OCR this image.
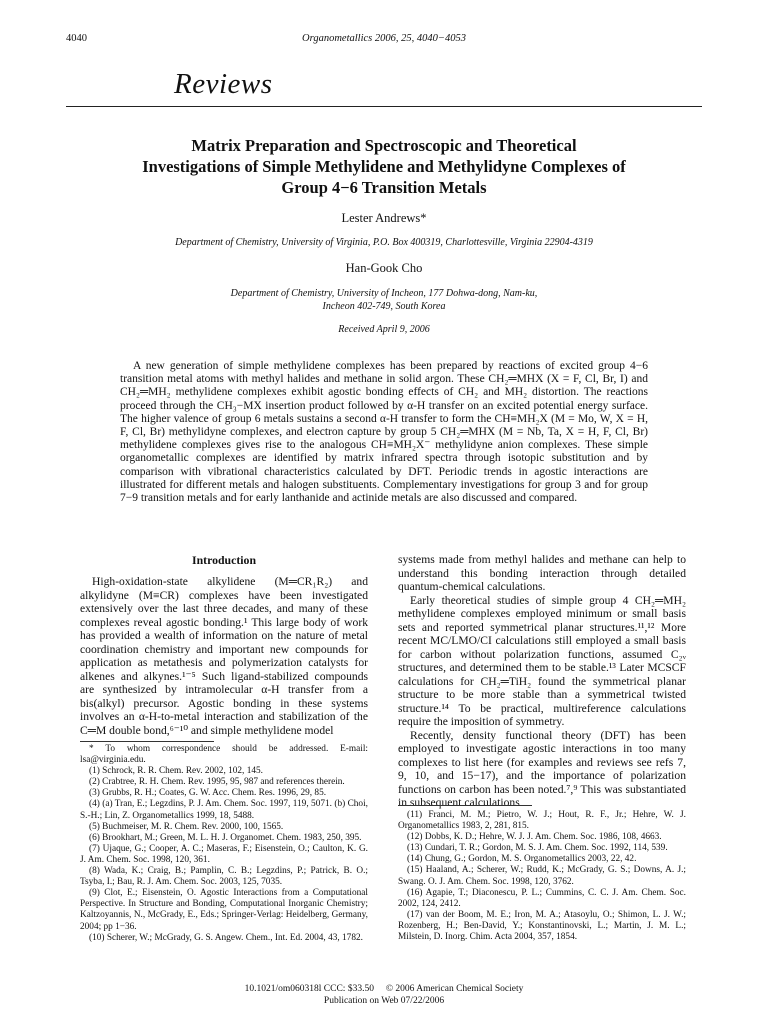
4040	Organometallics 2006, 25, 4040−4053
Reviews
Matrix Preparation and Spectroscopic and Theoretical
Investigations of Simple Methylidene and Methylidyne Complexes of
Group 4−6 Transition Metals
Lester Andrews*
Department of Chemistry, University of Virginia, P.O. Box 400319, Charlottesville, Virginia 22904-4319
Han-Gook Cho
Department of Chemistry, University of Incheon, 177 Dohwa-dong, Nam-ku,
Incheon 402-749, South Korea
Received April 9, 2006

A new generation of simple methylidene complexes has been prepared by reactions of excited group 4−6 transition metal atoms with methyl halides and methane in solid argon. These CH₂═MHX (X = F, Cl, Br, I) and CH₂═MH₂ methylidene complexes exhibit agostic bonding effects of CH₂ and MH₂ distortion. The reactions proceed through the CH₃−MX insertion product followed by α-H transfer on an excited potential energy surface. The higher valence of group 6 metals sustains a second α-H transfer to form the CH≡MH₂X (M = Mo, W, X = H, F, Cl, Br) methylidyne complexes, and electron capture by group 5 CH₂═MHX (M = Nb, Ta, X = H, F, Cl, Br) methylidene complexes gives rise to the analogous CH≡MH₂X⁻ methylidyne anion complexes. These simple organometallic complexes are identified by matrix infrared spectra through isotopic substitution and by comparison with vibrational characteristics calculated by DFT. Periodic trends in agostic interactions are illustrated for different metals and halogen substituents. Complementary investigations for group 3 and for group 7−9 transition metals and for early lanthanide and actinide metals are also discussed and compared.

Introduction

High-oxidation-state alkylidene (M═CR₁R₂) and alkylidyne (M≡CR) complexes have been investigated extensively over the last three decades, and many of these complexes reveal agostic bonding.¹ This large body of work has provided a wealth of information on the nature of metal coordination chemistry and important new compounds for application as metathesis and polymerization catalysts for alkenes and alkynes.¹⁻⁵ Such ligand-stabilized compounds are synthesized by intramolecular α-H transfer from a bis(alkyl) precursor. Agostic bonding in these systems involves an α-H-to-metal interaction and stabilization of the C═M double bond,⁶⁻¹⁰ and simple methylidene model

* To whom correspondence should be addressed. E-mail: lsa@virginia.edu.
(1) Schrock, R. R. Chem. Rev. 2002, 102, 145.
(2) Crabtree, R. H. Chem. Rev. 1995, 95, 987 and references therein.
(3) Grubbs, R. H.; Coates, G. W. Acc. Chem. Res. 1996, 29, 85.
(4) (a) Tran, E.; Legzdins, P. J. Am. Chem. Soc. 1997, 119, 5071. (b) Choi, S.-H.; Lin, Z. Organometallics 1999, 18, 5488.
(5) Buchmeiser, M. R. Chem. Rev. 2000, 100, 1565.
(6) Brookhart, M.; Green, M. L. H. J. Organomet. Chem. 1983, 250, 395.
(7) Ujaque, G.; Cooper, A. C.; Maseras, F.; Eisenstein, O.; Caulton, K. G. J. Am. Chem. Soc. 1998, 120, 361.
(8) Wada, K.; Craig, B.; Pamplin, C. B.; Legzdins, P.; Patrick, B. O.; Tsyba, I.; Bau, R. J. Am. Chem. Soc. 2003, 125, 7035.
(9) Clot, E.; Eisenstein, O. Agostic Interactions from a Computational Perspective. In Structure and Bonding, Computational Inorganic Chemistry; Kaltzoyannis, N., McGrady, E., Eds.; Springer-Verlag: Heidelberg, Germany, 2004; pp 1−36.
(10) Scherer, W.; McGrady, G. S. Angew. Chem., Int. Ed. 2004, 43, 1782.

systems made from methyl halides and methane can help to understand this bonding interaction through detailed quantum-chemical calculations.

Early theoretical studies of simple group 4 CH₂═MH₂ methylidene complexes employed minimum or small basis sets and reported symmetrical planar structures.¹¹,¹² More recent MC/LMO/CI calculations still employed a small basis for carbon without polarization functions, assumed C₂ᵥ structures, and determined them to be stable.¹³ Later MCSCF calculations for CH₂═TiH₂ found the symmetrical planar structure to be more stable than a symmetrical twisted structure.¹⁴ To be practical, multireference calculations require the imposition of symmetry.

Recently, density functional theory (DFT) has been employed to investigate agostic interactions in too many complexes to list here (for examples and reviews see refs 7, 9, 10, and 15−17), and the importance of polarization functions on carbon has been noted.⁷,⁹ This was substantiated in subsequent calculations

(11) Franci, M. M.; Pietro, W. J.; Hout, R. F., Jr.; Hehre, W. J. Organometallics 1983, 2, 281, 815.
(12) Dobbs, K. D.; Hehre, W. J. J. Am. Chem. Soc. 1986, 108, 4663.
(13) Cundari, T. R.; Gordon, M. S. J. Am. Chem. Soc. 1992, 114, 539.
(14) Chung, G.; Gordon, M. S. Organometallics 2003, 22, 42.
(15) Haaland, A.; Scherer, W.; Rudd, K.; McGrady, G. S.; Downs, A. J.; Swang. O. J. Am. Chem. Soc. 1998, 120, 3762.
(16) Agapie, T.; Diaconescu, P. L.; Cummins, C. C. J. Am. Chem. Soc. 2002, 124, 2412.
(17) van der Boom, M. E.; Iron, M. A.; Atasoylu, O.; Shimon, L. J. W.; Rozenberg, H.; Ben-David, Y.; Konstantinovski, L.; Martin, J. M. L.; Milstein, D. Inorg. Chim. Acta 2004, 357, 1854.
10.1021/om060318l CCC: $33.50     © 2006 American Chemical Society
Publication on Web 07/22/2006
